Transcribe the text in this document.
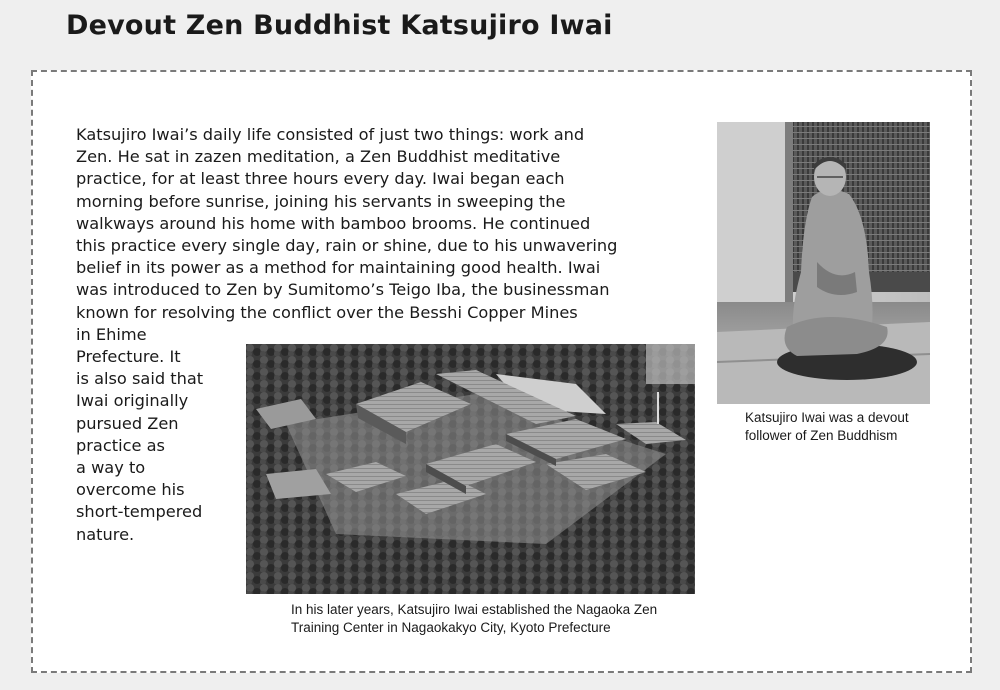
Devout Zen Buddhist Katsujiro Iwai
Katsujiro Iwai’s daily life consisted of just two things: work and
Zen. He sat in zazen meditation, a Zen Buddhist meditative
practice, for at least three hours every day. Iwai began each
morning before sunrise, joining his servants in sweeping the
walkways around his home with bamboo brooms. He continued
this practice every single day, rain or shine, due to his unwavering
belief in its power as a method for maintaining good health. Iwai
was introduced to Zen by Sumitomo’s Teigo Iba, the businessman
known for resolving the conflict over the Besshi Copper Mines
in Ehime
Prefecture. It
is also said that
Iwai originally
pursued Zen
practice as
a way to
overcome his
short-tempered
nature.
Katsujiro Iwai was a devout
follower of Zen Buddhism
In his later years, Katsujiro Iwai established the Nagaoka Zen
Training Center in Nagaokakyo City, Kyoto Prefecture
